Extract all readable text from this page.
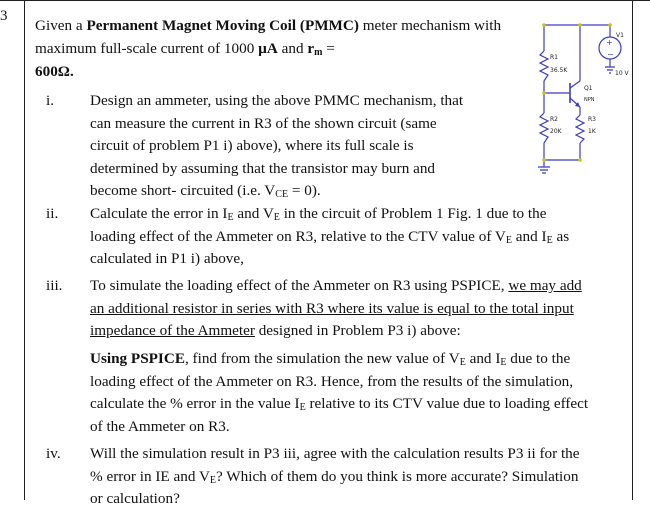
3
Given a Permanent Magnet Moving Coil (PMMC) meter mechanism with maximum full-scale current of 1000 µA and $r_m$ =
600Ω.
i.	Design an ammeter, using the above PMMC mechanism, that
can measure the current in R3 of the shown circuit (same
circuit of problem P1 i) above), where its full scale is
determined by assuming that the transistor may burn and
become short- circuited (i.e. $V_{CE} = 0$).
ii.	Calculate the error in $I_E$ and $V_E$ in the circuit of Problem 1 Fig. 1 due to the
loading effect of the Ammeter on R3, relative to the CTV value of $V_E$ and $I_E$ as
calculated in P1 i) above,
iii.	To simulate the loading effect of the Ammeter on R3 using PSPICE, we may add
an additional resistor in series with R3 where its value is equal to the total input
impedance of the Ammeter designed in Problem P3 i) above:
Using PSPICE, find from the simulation the new value of $V_E$ and $I_E$ due to the
loading effect of the Ammeter on R3. Hence, from the results of the simulation,
calculate the % error in the value $I_E$ relative to its CTV value due to loading effect
of the Ammeter on R3.
iv.	Will the simulation result in P3 iii, agree with the calculation results P3 ii for the
% error in IE and $V_E$? Which of them do you think is more accurate? Simulation
or calculation?
+
−
V1
10 V
R1
36.5K
Q1
NPN
R2
20K
R3
1K
